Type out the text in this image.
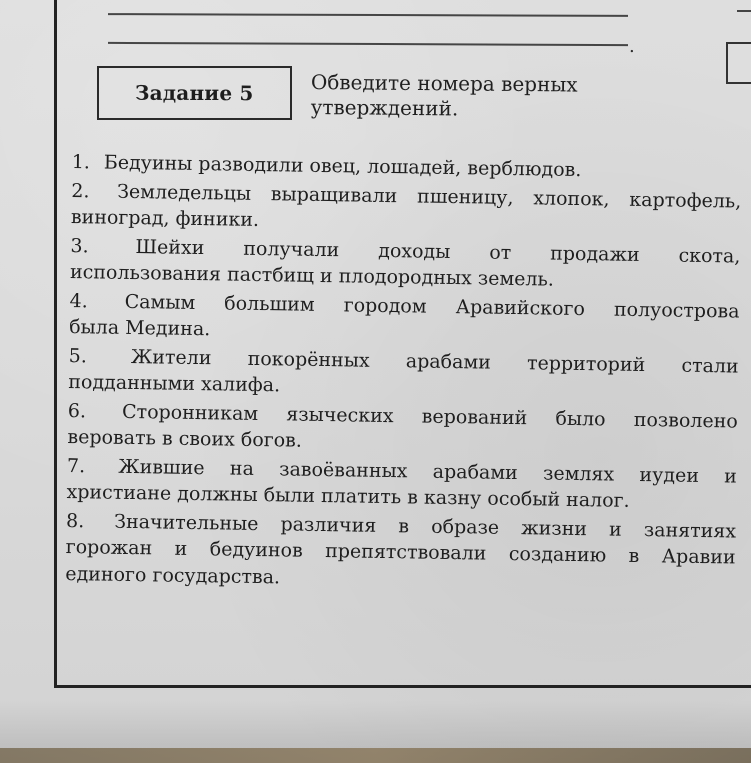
.
Задание 5	Обведите номера верных
утверждений.
1. Бедуины разводили овец, лошадей, верблюдов.
2. Земледельцы выращивали пшеницу, хлопок, картофель,
виноград, финики.
3. Шейхи получали доходы от продажи скота,
использования пастбищ и плодородных земель.
4. Самым большим городом Аравийского полуострова
была Медина.
5. Жители покорённых арабами территорий стали
подданными халифа.
6. Сторонникам языческих верований было позволено
веровать в своих богов.
7. Жившие на завоёванных арабами землях иудеи и
христиане должны были платить в казну особый налог.
8. Значительные различия в образе жизни и занятиях
горожан и бедуинов препятствовали созданию в Аравии
единого государства.
